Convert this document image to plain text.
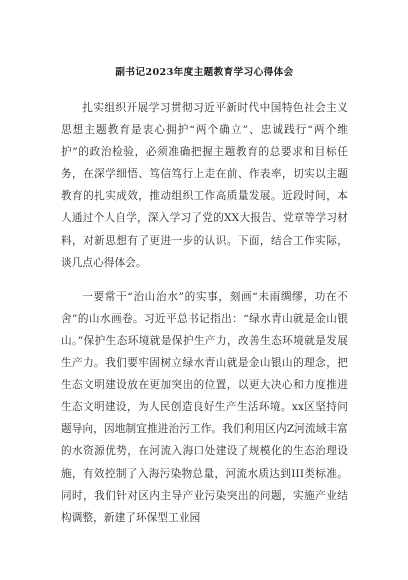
副书记2023年度主题教育学习心得体会

扎实组织开展学习贯彻习近平新时代中国特色社会主义思想主题教育是衷心拥护“两个确立”、忠诚践行“两个维护”的政治检验，必须准确把握主题教育的总要求和目标任务，在深学细悟、笃信笃行上走在前、作表率，切实以主题教育的扎实成效，推动组织工作高质量发展。近段时间，本人通过个人自学，深入学习了党的XX大报告、党章等学习材料，对新思想有了更进一步的认识。下面，结合工作实际，谈几点心得体会。

一要常干“治山治水”的实事，刻画“未雨绸缪，功在不舍”的山水画卷。习近平总书记指出：“绿水青山就是金山银山。”保护生态环境就是保护生产力，改善生态环境就是发展生产力。我们要牢固树立绿水青山就是金山银山的理念，把生态文明建设放在更加突出的位置，以更大决心和力度推进生态文明建设，为人民创造良好生产生活环境。xx区坚持问题导向，因地制宜推进治污工作。我们利用区内Z河流域丰富的水资源优势，在河流入海口处建设了规模化的生态治理设施，有效控制了入海污染物总量，河流水质达到III类标准。同时，我们针对区内主导产业污染突出的问题，实施产业结构调整，新建了环保型工业园
